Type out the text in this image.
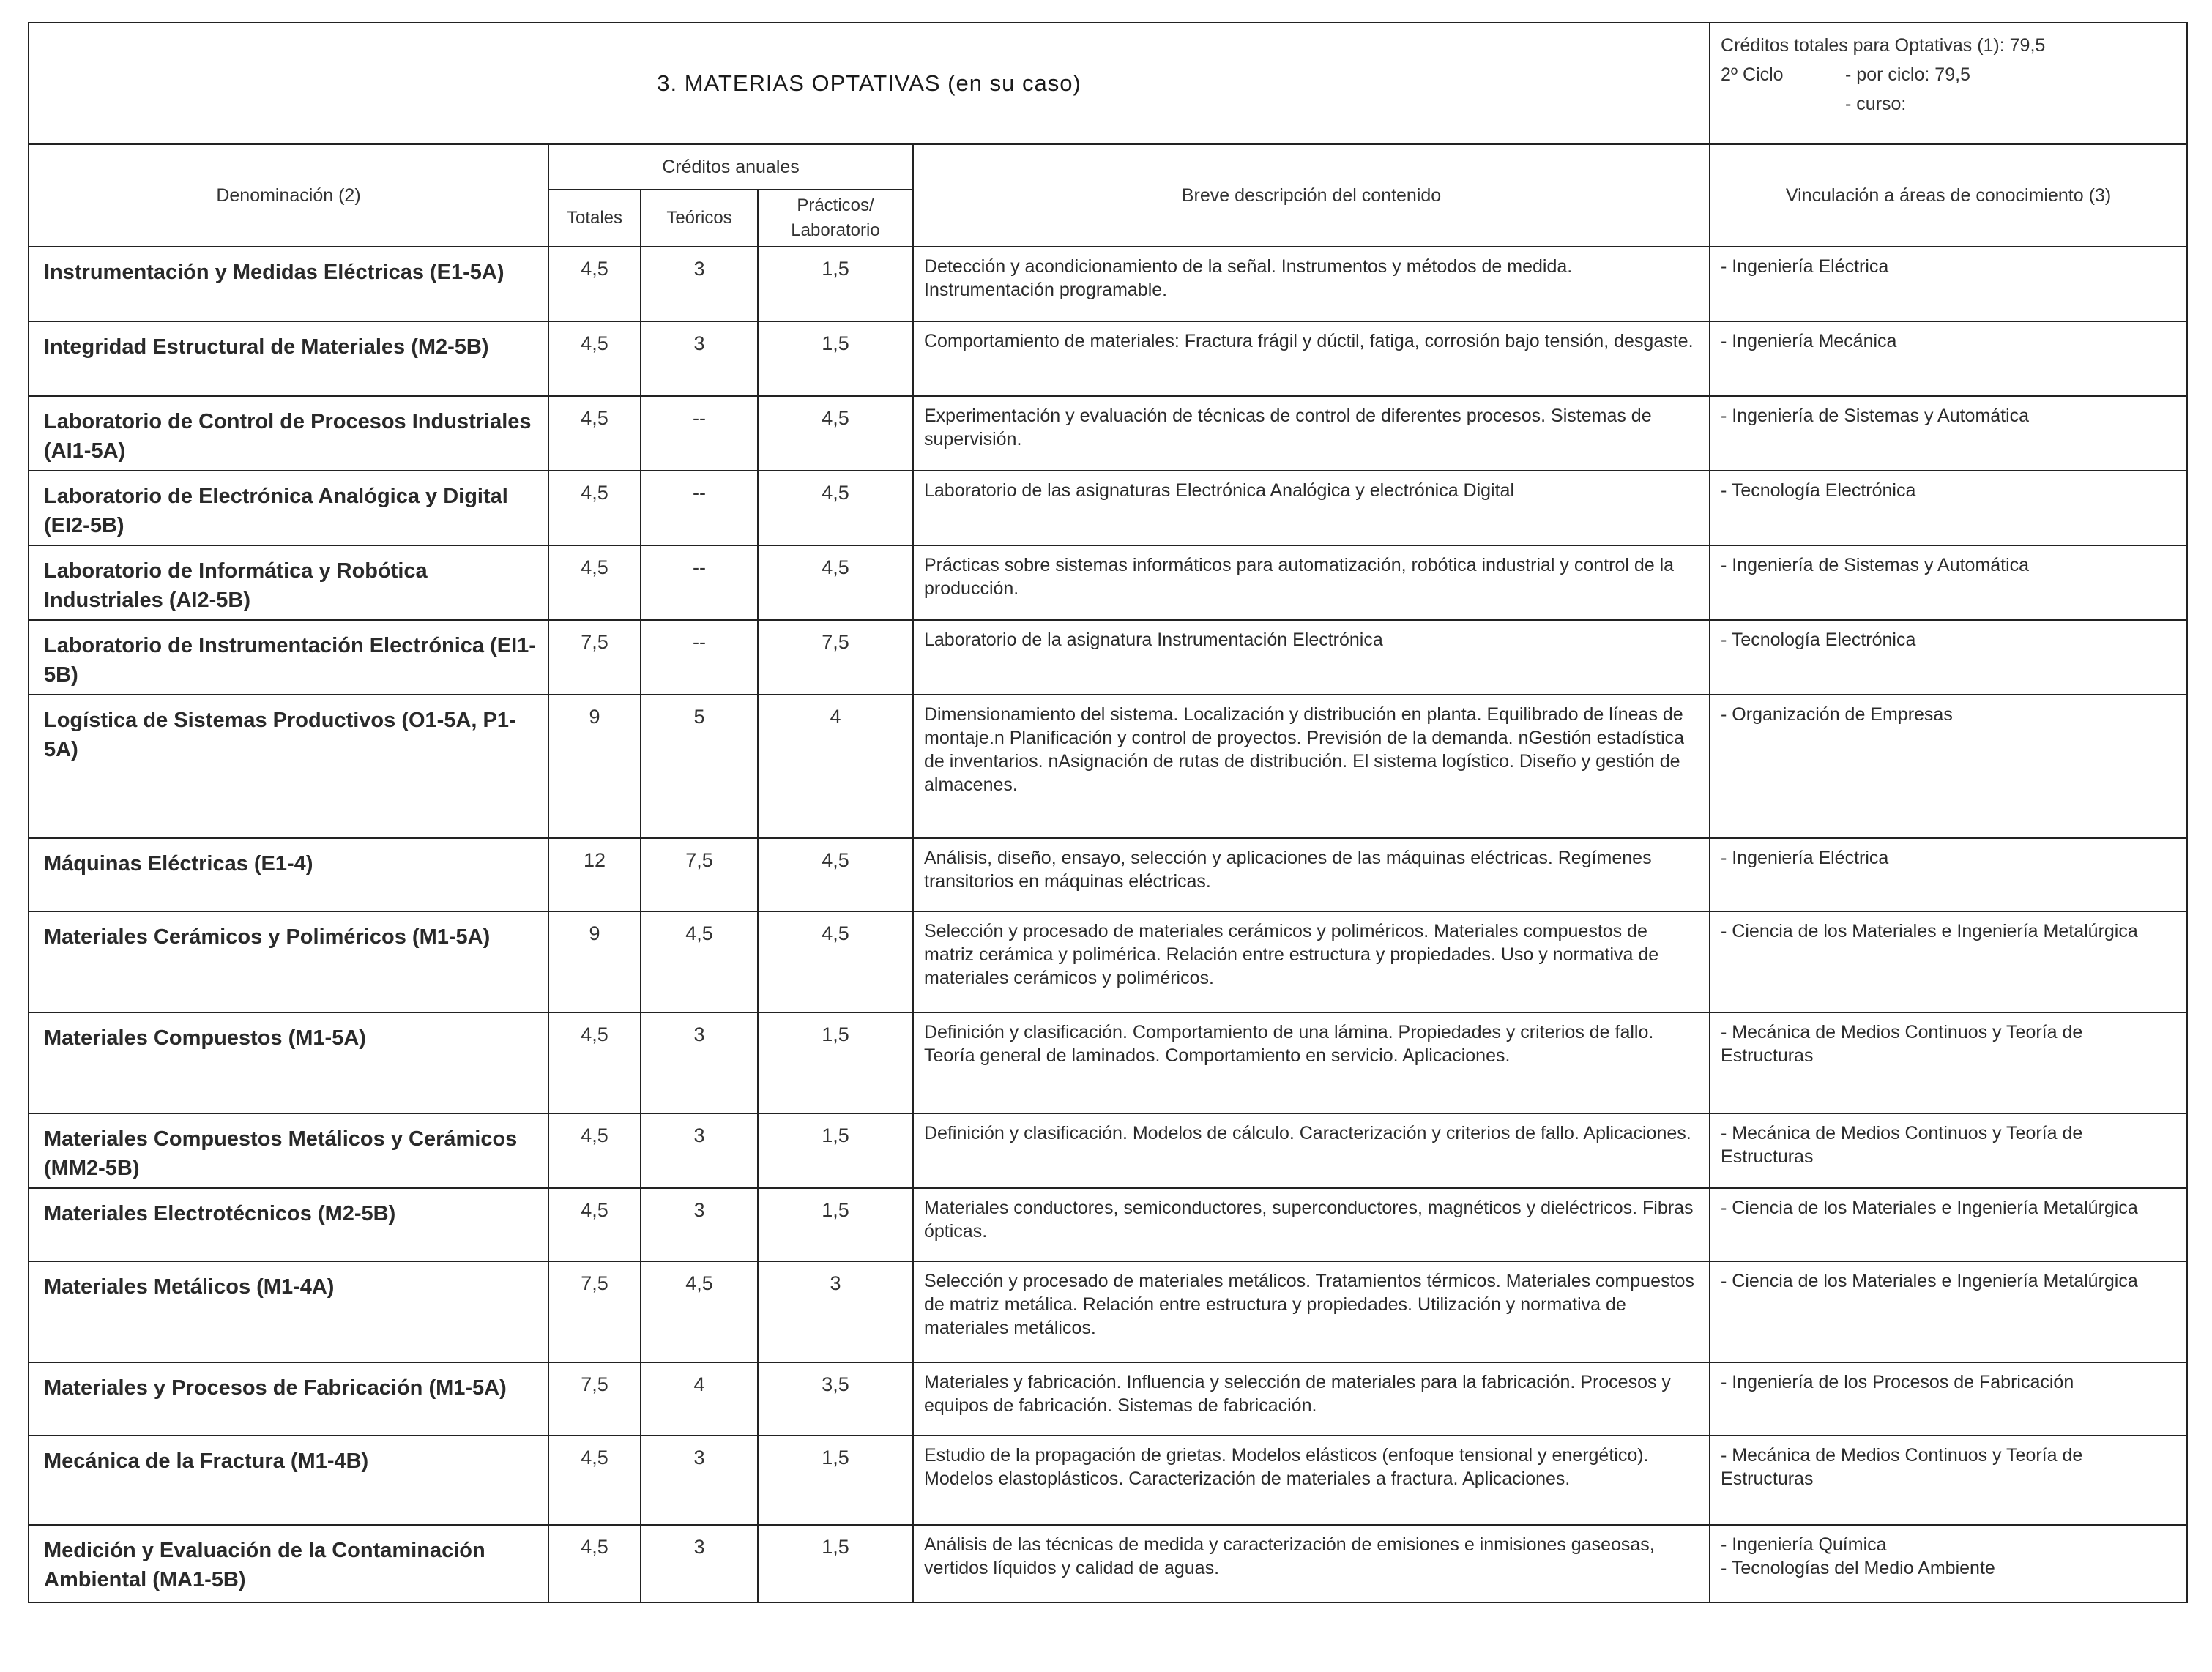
3. MATERIAS OPTATIVAS (en su caso)					Créditos totales para Optativas (1): 79,5
2º Ciclo - por ciclo: 79,5
- curso:

Denominación (2)	Créditos anuales			Breve descripción del contenido	Vinculación a áreas de conocimiento (3)
	Totales	Teóricos	Prácticos/ Laboratorio		
Instrumentación y Medidas Eléctricas (E1-5A)	4,5	3	1,5	Detección y acondicionamiento de la señal. Instrumentos y métodos de medida. Instrumentación programable.	- Ingeniería Eléctrica

Integridad Estructural de Materiales (M2-5B)	4,5	3	1,5	Comportamiento de materiales: Fractura frágil y dúctil, fatiga, corrosión bajo tensión, desgaste.	- Ingeniería Mecánica

Laboratorio de Control de Procesos Industriales (AI1-5A)	4,5	--	4,5	Experimentación y evaluación de técnicas de control de diferentes procesos. Sistemas de supervisión.	- Ingeniería de Sistemas y Automática

Laboratorio de Electrónica Analógica y Digital (EI2-5B)	4,5	--	4,5	Laboratorio de las asignaturas Electrónica Analógica y electrónica Digital	- Tecnología Electrónica

Laboratorio de Informática y Robótica Industriales (AI2-5B)	4,5	--	4,5	Prácticas sobre sistemas informáticos para automatización, robótica industrial y control de la producción.	- Ingeniería de Sistemas y Automática

Laboratorio de Instrumentación Electrónica (EI1-5B)	7,5	--	7,5	Laboratorio de la asignatura Instrumentación Electrónica	- Tecnología Electrónica

Logística de Sistemas Productivos (O1-5A, P1-5A)	9	5	4	Dimensionamiento del sistema. Localización y distribución en planta. Equilibrado de líneas de montaje.n Planificación y control de proyectos. Previsión de la demanda. nGestión estadística de inventarios. nAsignación de rutas de distribución. El sistema logístico. Diseño y gestión de almacenes.	- Organización de Empresas

Máquinas Eléctricas (E1-4)	12	7,5	4,5	Análisis, diseño, ensayo, selección y aplicaciones de las máquinas eléctricas. Regímenes transitorios en máquinas eléctricas.	- Ingeniería Eléctrica

Materiales Cerámicos y Poliméricos (M1-5A)	9	4,5	4,5	Selección y procesado de materiales cerámicos y poliméricos. Materiales compuestos de matriz cerámica y polimérica. Relación entre estructura y propiedades. Uso y normativa de materiales cerámicos y poliméricos.	- Ciencia de los Materiales e Ingeniería Metalúrgica

Materiales Compuestos (M1-5A)	4,5	3	1,5	Definición y clasificación. Comportamiento de una lámina. Propiedades y criterios de fallo. Teoría general de laminados. Comportamiento en servicio. Aplicaciones.	- Mecánica de Medios Continuos y Teoría de Estructuras

Materiales Compuestos Metálicos y Cerámicos (MM2-5B)	4,5	3	1,5	Definición y clasificación. Modelos de cálculo. Caracterización y criterios de fallo. Aplicaciones.	- Mecánica de Medios Continuos y Teoría de Estructuras

Materiales Electrotécnicos (M2-5B)	4,5	3	1,5	Materiales conductores, semiconductores, superconductores, magnéticos y dieléctricos. Fibras ópticas.	- Ciencia de los Materiales e Ingeniería Metalúrgica

Materiales Metálicos (M1-4A)	7,5	4,5	3	Selección y procesado de materiales metálicos. Tratamientos térmicos. Materiales compuestos de matriz metálica. Relación entre estructura y propiedades. Utilización y normativa de materiales metálicos.	- Ciencia de los Materiales e Ingeniería Metalúrgica

Materiales y Procesos de Fabricación (M1-5A)	7,5	4	3,5	Materiales y fabricación. Influencia y selección de materiales para la fabricación. Procesos y equipos de fabricación. Sistemas de fabricación.	- Ingeniería de los Procesos de Fabricación

Mecánica de la Fractura (M1-4B)	4,5	3	1,5	Estudio de la propagación de grietas. Modelos elásticos (enfoque tensional y energético). Modelos elastoplásticos. Caracterización de materiales a fractura. Aplicaciones.	- Mecánica de Medios Continuos y Teoría de Estructuras

Medición y Evaluación de la Contaminación Ambiental (MA1-5B)	4,5	3	1,5	Análisis de las técnicas de medida y caracterización de emisiones e inmisiones gaseosas, vertidos líquidos y calidad de aguas.	- Ingeniería Química
- Tecnologías del Medio Ambiente
